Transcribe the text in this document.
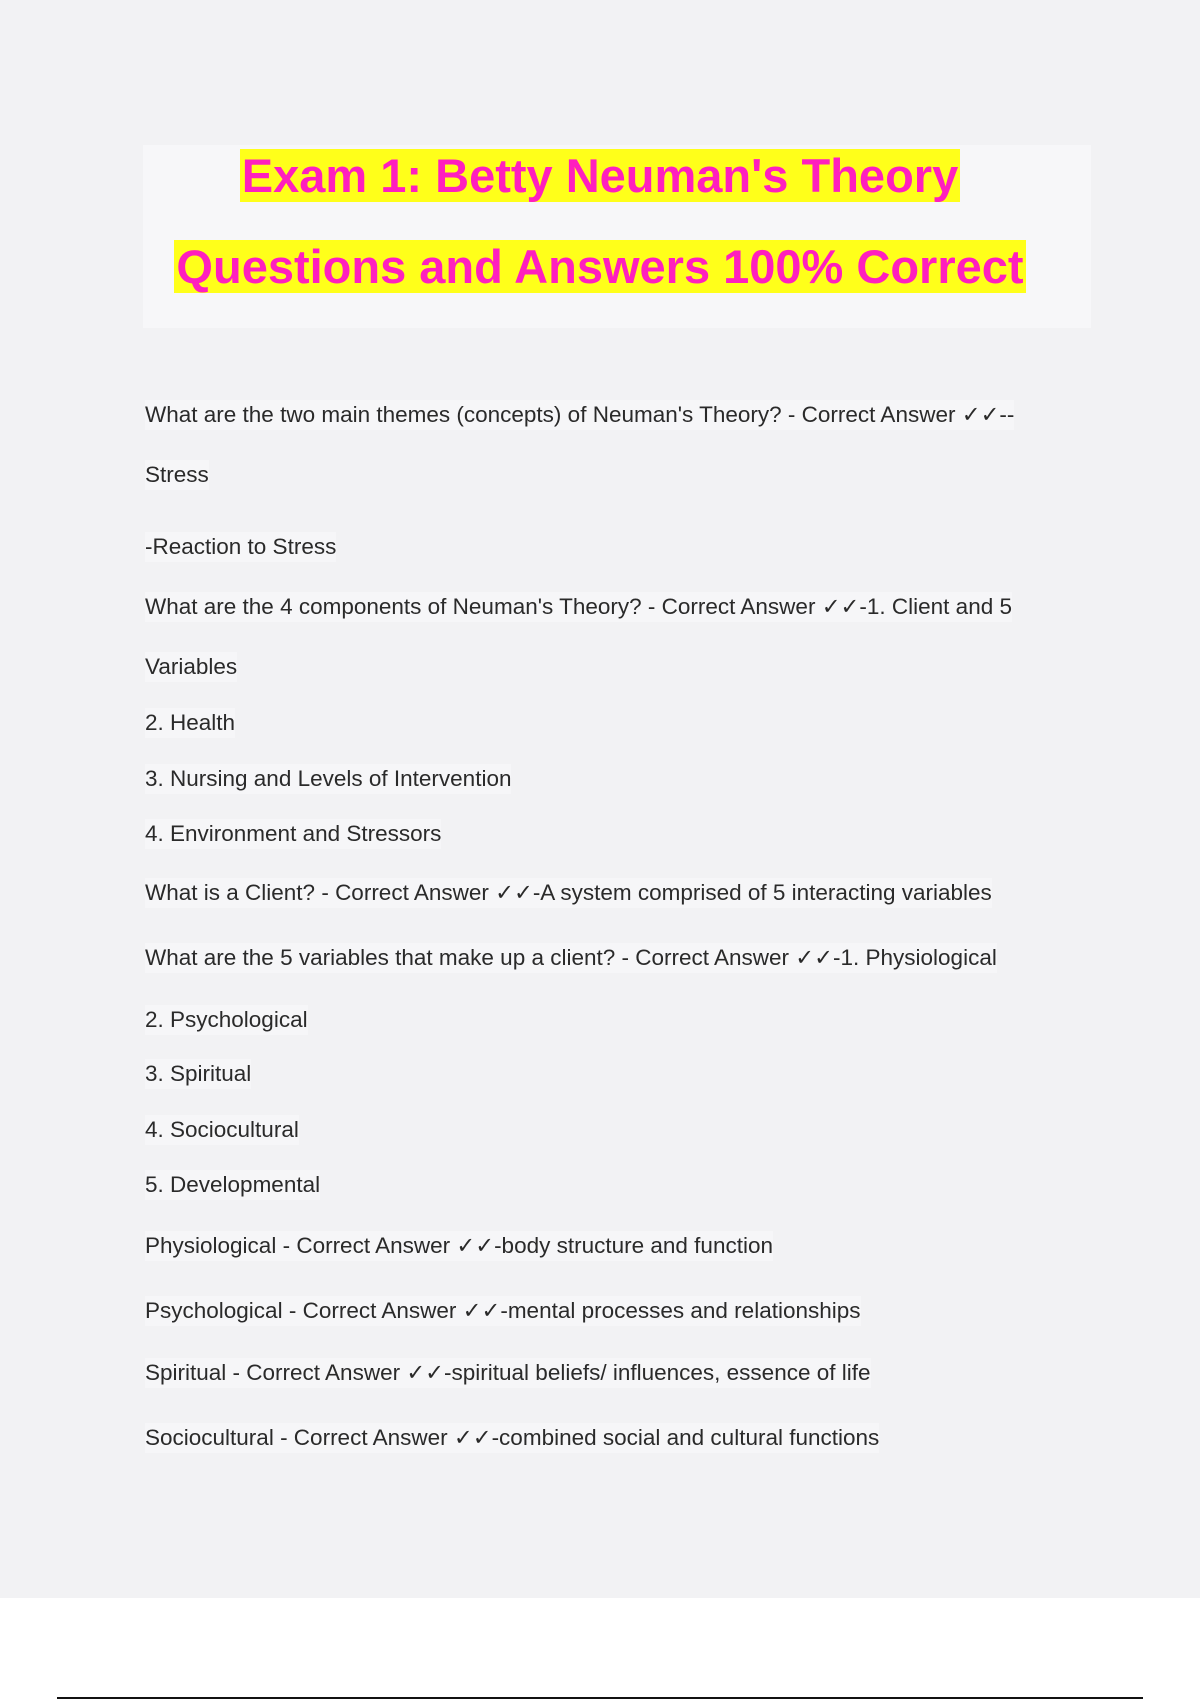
Exam 1: Betty Neuman's Theory
Questions and Answers 100% Correct
What are the two main themes (concepts) of Neuman's Theory? - Correct Answer ✓✓--
Stress
-Reaction to Stress
What are the 4 components of Neuman's Theory? - Correct Answer ✓✓-1. Client and 5
Variables
2. Health
3. Nursing and Levels of Intervention
4. Environment and Stressors
What is a Client? - Correct Answer ✓✓-A system comprised of 5 interacting variables
What are the 5 variables that make up a client? - Correct Answer ✓✓-1. Physiological
2. Psychological
3. Spiritual
4. Sociocultural
5. Developmental
Physiological - Correct Answer ✓✓-body structure and function
Psychological - Correct Answer ✓✓-mental processes and relationships
Spiritual - Correct Answer ✓✓-spiritual beliefs/ influences, essence of life
Sociocultural - Correct Answer ✓✓-combined social and cultural functions
